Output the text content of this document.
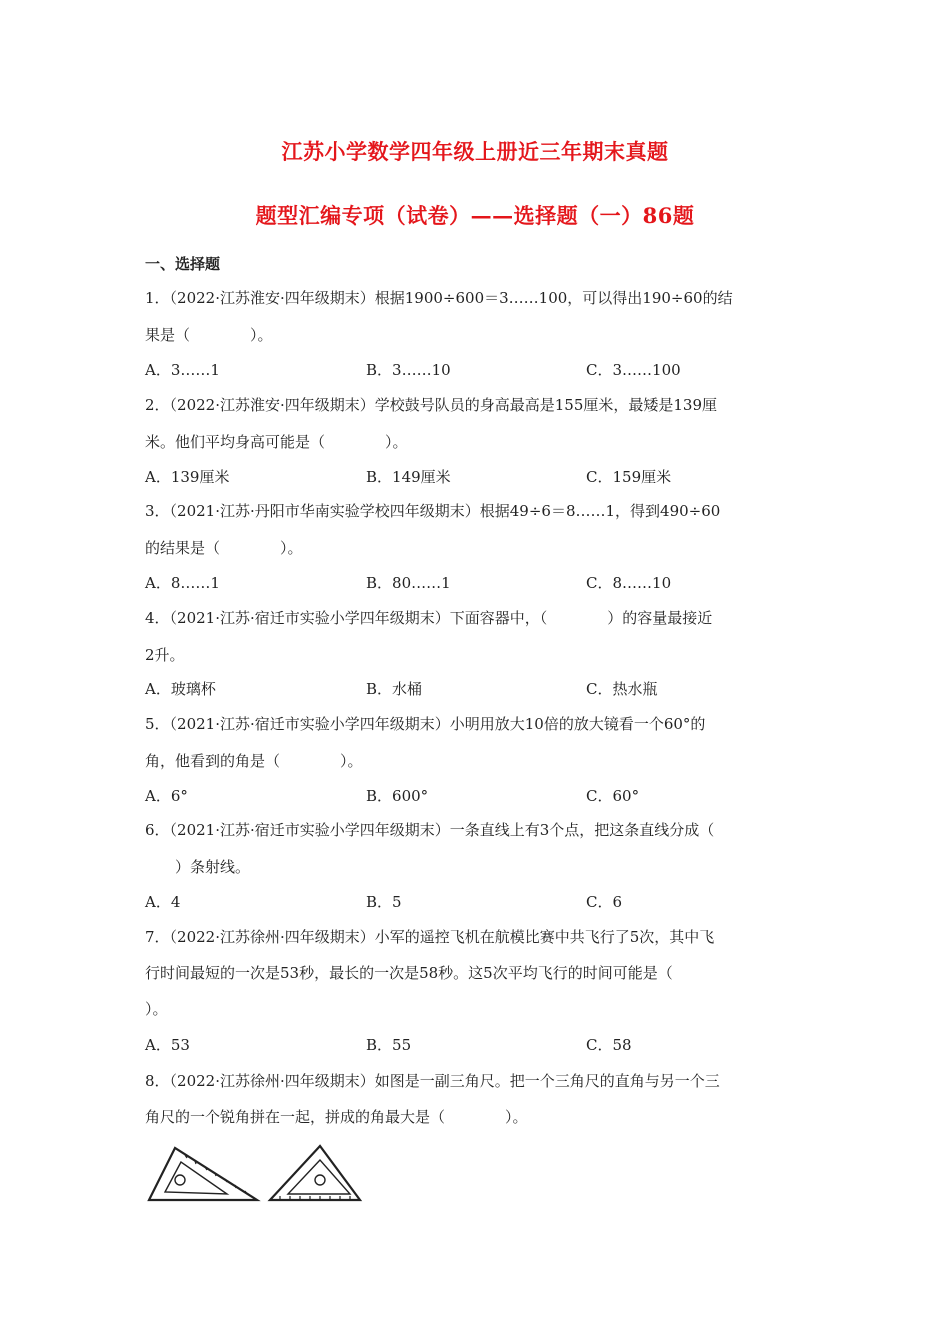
江苏小学数学四年级上册近三年期末真题
题型汇编专项（试卷）——选择题（一）86题
一、选择题
1．（2022·江苏淮安·四年级期末）根据1900÷600＝3……100，可以得出190÷60的结
果是（　　　　）。
A．3……1	B．3……10	C．3……100
2．（2022·江苏淮安·四年级期末）学校鼓号队员的身高最高是155厘米，最矮是139厘
米。他们平均身高可能是（　　　　）。
A．139厘米	B．149厘米	C．159厘米
3．（2021·江苏·丹阳市华南实验学校四年级期末）根据49÷6＝8……1，得到490÷60
的结果是（　　　　）。
A．8……1	B．80……1	C．8……10
4．（2021·江苏·宿迁市实验小学四年级期末）下面容器中，（　　　　）的容量最接近
2升。
A．玻璃杯	B．水桶	C．热水瓶
5．（2021·江苏·宿迁市实验小学四年级期末）小明用放大10倍的放大镜看一个60°的
角，他看到的角是（　　　　）。
A．6°	B．600°	C．60°
6．（2021·江苏·宿迁市实验小学四年级期末）一条直线上有3个点，把这条直线分成（
　　）条射线。
A．4	B．5	C．6
7．（2022·江苏徐州·四年级期末）小军的遥控飞机在航模比赛中共飞行了5次，其中飞
行时间最短的一次是53秒，最长的一次是58秒。这5次平均飞行的时间可能是（
）。
A．53	B．55	C．58
8．（2022·江苏徐州·四年级期末）如图是一副三角尺。把一个三角尺的直角与另一个三
角尺的一个锐角拼在一起，拼成的角最大是（　　　　）。
